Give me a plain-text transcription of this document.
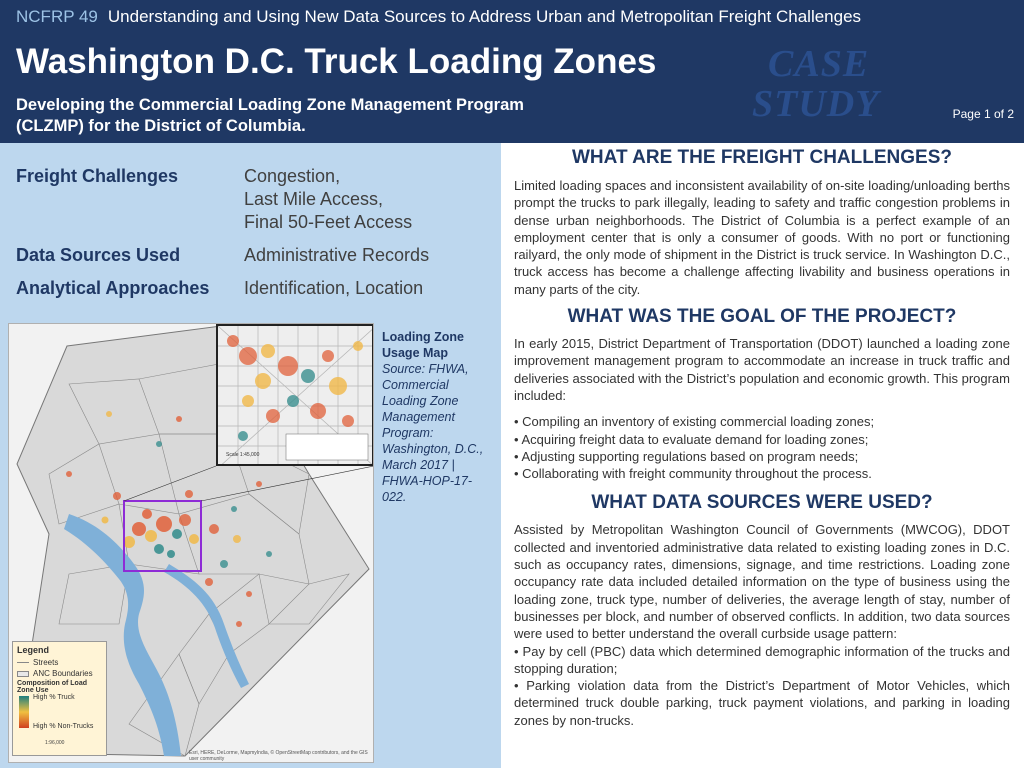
NCFRP 49 Understanding and Using New Data Sources to Address Urban and Metropolitan Freight Challenges
Washington D.C. Truck Loading Zones
Developing the Commercial Loading Zone Management Program
(CLZMP) for the District of Columbia.
CASE
STUDY	Page 1 of 2
Freight Challenges	Congestion,
Last Mile Access,
Final 50-Feet Access
Data Sources Used	Administrative Records
Analytical Approaches	Identification, Location
Scale 1:45,000
Legend
Streets
ANC Boundaries
Composition of Load Zone Use
High % Truck
High % Non-Trucks
1:96,000
Esri, HERE, DeLorme, MapmyIndia, © OpenStreetMap contributors, and the GIS user community
Loading Zone Usage Map
Source: FHWA, Commercial Loading Zone Management Program: Washington, D.C., March 2017 | FHWA-HOP-17-022.
WHAT ARE THE FREIGHT CHALLENGES?
Limited loading spaces and inconsistent availability of on-site loading/unloading berths prompt the trucks to park illegally, leading to safety and traffic congestion problems in dense urban neighborhoods. The District of Columbia is a perfect example of an employment center that is only a consumer of goods. With no port or functioning railyard, the only mode of shipment in the District is truck service. In Washington D.C., truck access has become a challenge affecting livability and business operations in many parts of the city.
WHAT WAS THE GOAL OF THE PROJECT?
In early 2015, District Department of Transportation (DDOT) launched a loading zone improvement management program to accommodate an increase in truck traffic and deliveries associated with the District’s population and economic growth. This program included:
• Compiling an inventory of existing commercial loading zones;
• Acquiring freight data to evaluate demand for loading zones;
• Adjusting supporting regulations based on program needs;
• Collaborating with freight community throughout the process.
WHAT DATA SOURCES WERE USED?
Assisted by Metropolitan Washington Council of Governments (MWCOG), DDOT collected and inventoried administrative data related to existing loading zones in D.C. such as occupancy rates, dimensions, signage, and time restrictions. Loading zone occupancy rate data included detailed information on the type of business using the loading zone, truck type, number of deliveries, the average length of stay, number of businesses per block, and number of observed conflicts. In addition, two data sources were used to better understand the overall curbside usage pattern:
• Pay by cell (PBC) data which determined demographic information of the trucks and stopping duration;
• Parking violation data from the District’s Department of Motor Vehicles, which determined truck double parking, truck payment violations, and parking in loading zones by non-trucks.
